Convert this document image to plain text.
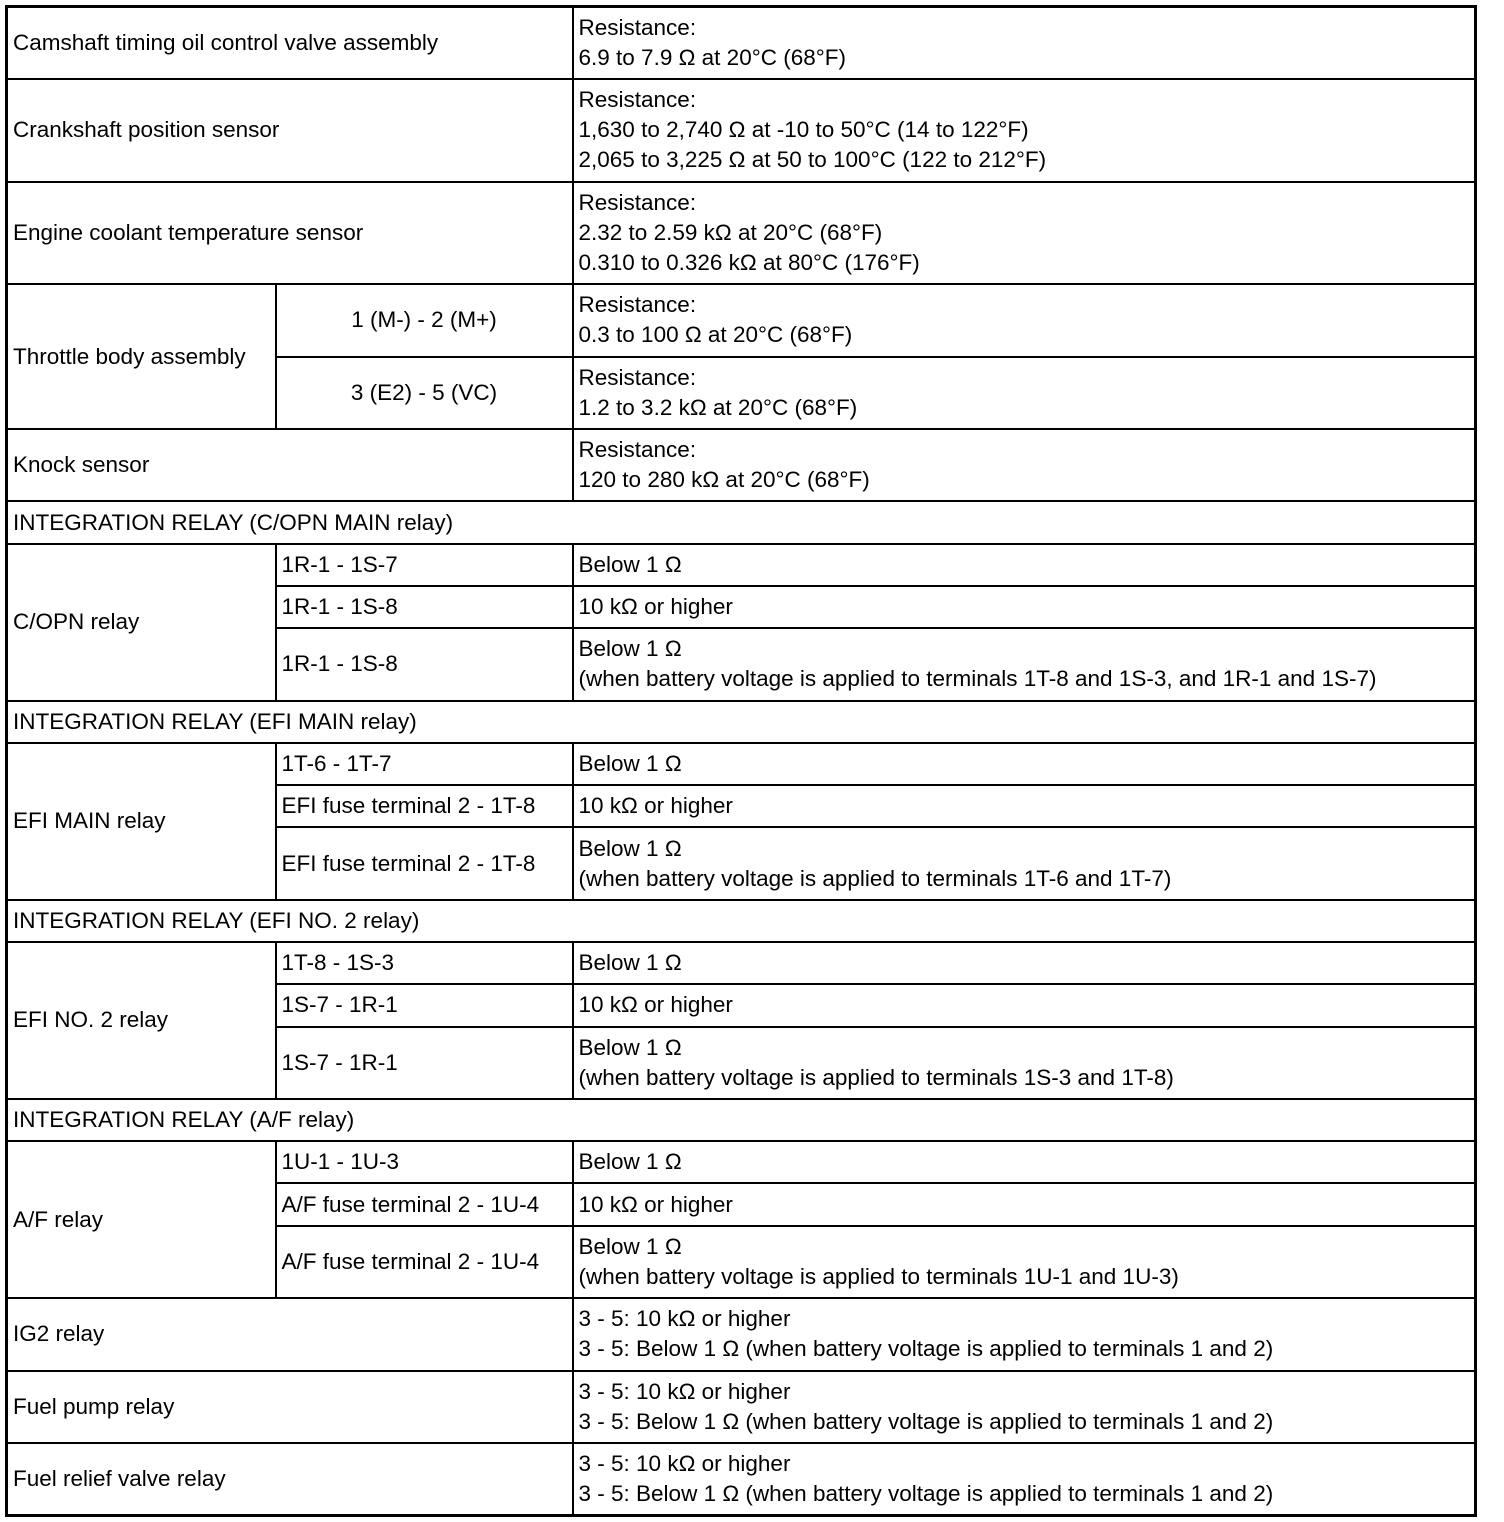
Camshaft timing oil control valve assembly		Resistance:
6.9 to 7.9 Ω at 20°C (68°F)

Crankshaft position sensor		Resistance:
1,630 to 2,740 Ω at -10 to 50°C (14 to 122°F)
2,065 to 3,225 Ω at 50 to 100°C (122 to 212°F)

Engine coolant temperature sensor		Resistance:
2.32 to 2.59 kΩ at 20°C (68°F)
0.310 to 0.326 kΩ at 80°C (176°F)

Throttle body assembly	1 (M-) - 2 (M+)	Resistance:
0.3 to 100 Ω at 20°C (68°F)

	3 (E2) - 5 (VC)	Resistance:
1.2 to 3.2 kΩ at 20°C (68°F)

Knock sensor		Resistance:
120 to 280 kΩ at 20°C (68°F)

INTEGRATION RELAY (C/OPN MAIN relay)		
C/OPN relay	1R-1 - 1S-7	Below 1 Ω

	1R-1 - 1S-8	10 kΩ or higher

	1R-1 - 1S-8	Below 1 Ω
(when battery voltage is applied to terminals 1T-8 and 1S-3, and 1R-1 and 1S-7)

INTEGRATION RELAY (EFI MAIN relay)		
EFI MAIN relay	1T-6 - 1T-7	Below 1 Ω

	EFI fuse terminal 2 - 1T-8	10 kΩ or higher

	EFI fuse terminal 2 - 1T-8	Below 1 Ω
(when battery voltage is applied to terminals 1T-6 and 1T-7)

INTEGRATION RELAY (EFI NO. 2 relay)		
EFI NO. 2 relay	1T-8 - 1S-3	Below 1 Ω

	1S-7 - 1R-1	10 kΩ or higher

	1S-7 - 1R-1	Below 1 Ω
(when battery voltage is applied to terminals 1S-3 and 1T-8)

INTEGRATION RELAY (A/F relay)		
A/F relay	1U-1 - 1U-3	Below 1 Ω

	A/F fuse terminal 2 - 1U-4	10 kΩ or higher

	A/F fuse terminal 2 - 1U-4	Below 1 Ω
(when battery voltage is applied to terminals 1U-1 and 1U-3)

IG2 relay		3 - 5: 10 kΩ or higher
3 - 5: Below 1 Ω (when battery voltage is applied to terminals 1 and 2)

Fuel pump relay		3 - 5: 10 kΩ or higher
3 - 5: Below 1 Ω (when battery voltage is applied to terminals 1 and 2)

Fuel relief valve relay		3 - 5: 10 kΩ or higher
3 - 5: Below 1 Ω (when battery voltage is applied to terminals 1 and 2)
